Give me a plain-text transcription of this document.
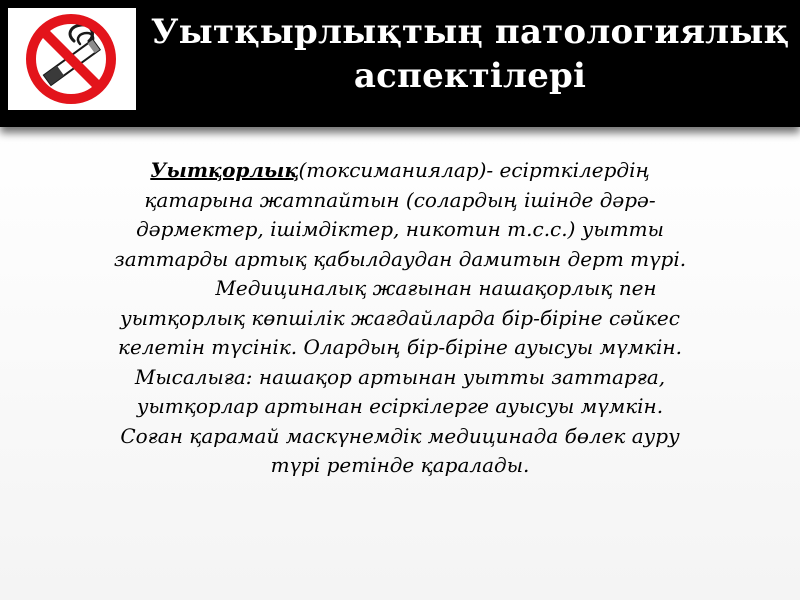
Уытқырлықтың патологиялық
аспектілері
Уытқорлық(токсиманиялар)- есірткілердің
қатарына жатпайтын (солардың ішінде дәрә-
дәрмектер, ішімдіктер, никотин т.с.с.) уытты
заттарды артық қабылдаудан дамитын дерт түрі.
Медициналық жағынан нашақорлық пен
уытқорлық көпшілік жағдайларда бір-біріне сәйкес
келетін түсінік. Олардың бір-біріне ауысуы мүмкін.
Мысалыға: нашақор артынан уытты заттарға,
уытқорлар артынан есіркілерге ауысуы мүмкін.
Соған қарамай маскүнемдік медицинада бөлек ауру
түрі ретінде қаралады.
